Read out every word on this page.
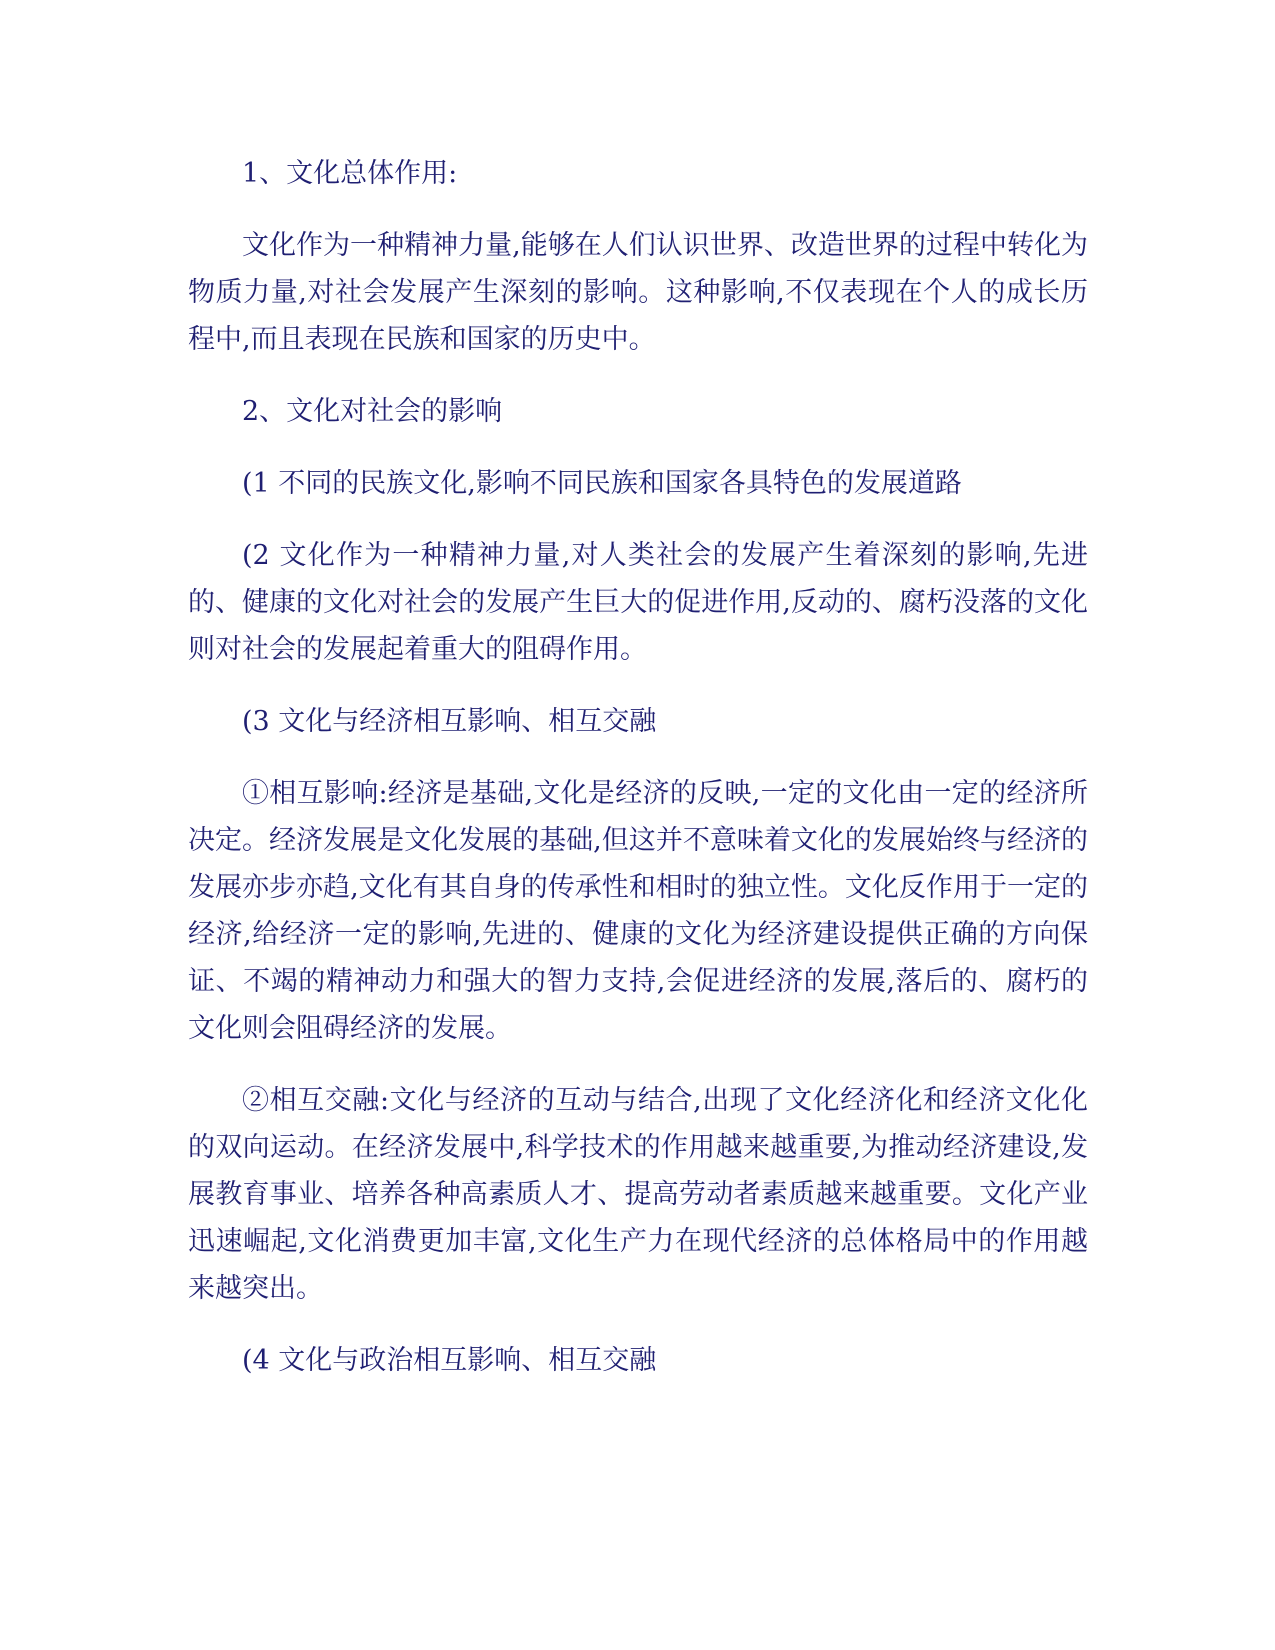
1、文化总体作用:

文化作为一种精神力量,能够在人们认识世界、改造世界的过程中转化为物质力量,对社会发展产生深刻的影响。这种影响,不仅表现在个人的成长历程中,而且表现在民族和国家的历史中。

2、文化对社会的影响

(1 不同的民族文化,影响不同民族和国家各具特色的发展道路

(2 文化作为一种精神力量,对人类社会的发展产生着深刻的影响,先进的、健康的文化对社会的发展产生巨大的促进作用,反动的、腐朽没落的文化则对社会的发展起着重大的阻碍作用。

(3 文化与经济相互影响、相互交融

①相互影响:经济是基础,文化是经济的反映,一定的文化由一定的经济所决定。经济发展是文化发展的基础,但这并不意味着文化的发展始终与经济的发展亦步亦趋,文化有其自身的传承性和相时的独立性。文化反作用于一定的经济,给经济一定的影响,先进的、健康的文化为经济建设提供正确的方向保证、不竭的精神动力和强大的智力支持,会促进经济的发展,落后的、腐朽的文化则会阻碍经济的发展。

②相互交融:文化与经济的互动与结合,出现了文化经济化和经济文化化的双向运动。在经济发展中,科学技术的作用越来越重要,为推动经济建设,发展教育事业、培养各种高素质人才、提高劳动者素质越来越重要。文化产业迅速崛起,文化消费更加丰富,文化生产力在现代经济的总体格局中的作用越来越突出。

(4 文化与政治相互影响、相互交融
